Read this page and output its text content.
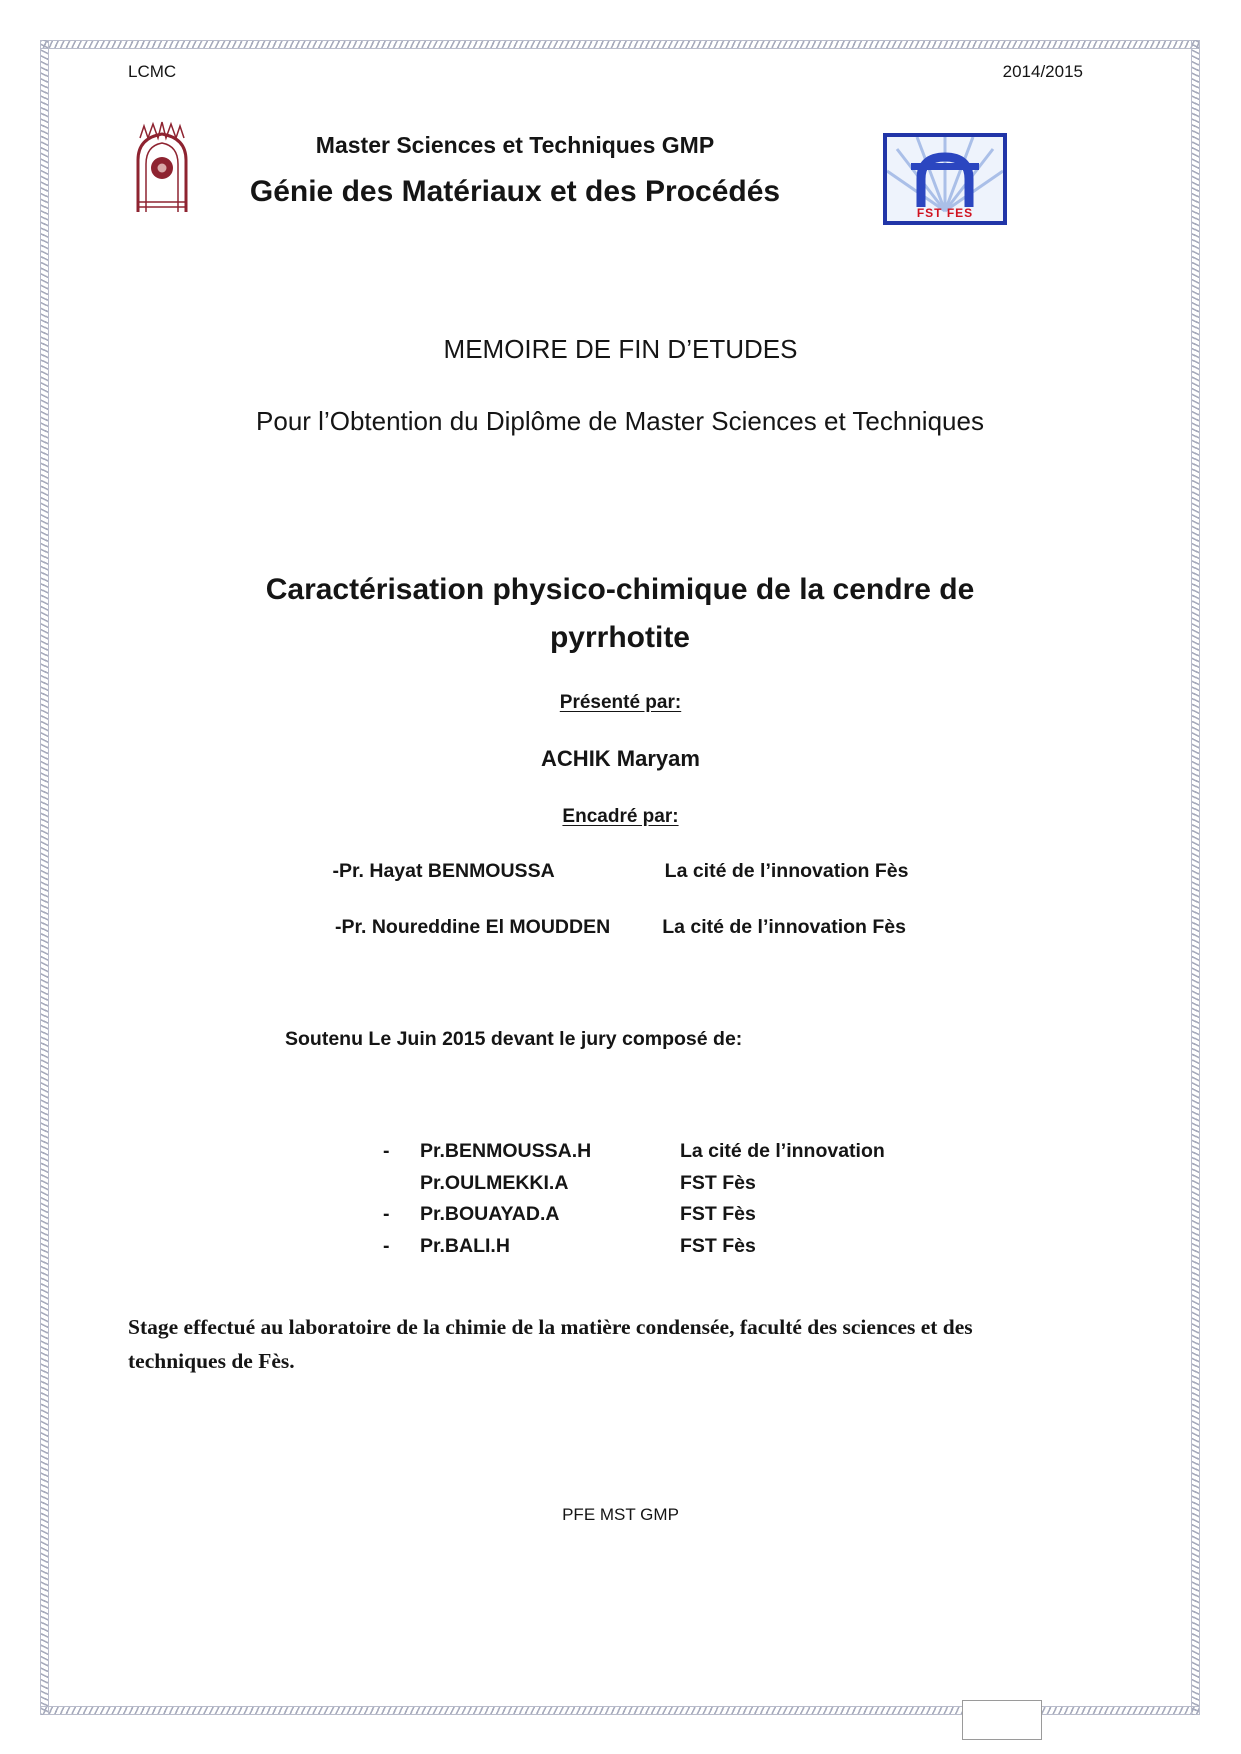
LCMC	2014/2015
Master Sciences et Techniques GMP
Génie des Matériaux et des Procédés
FST FES
MEMOIRE DE FIN D’ETUDES
Pour l’Obtention du Diplôme de Master Sciences et Techniques
Caractérisation physico-chimique de la cendre de pyrrhotite
Présenté par:
ACHIK Maryam
Encadré par:
-Pr. Hayat BENMOUSSA	La cité de l’innovation Fès
-Pr. Noureddine El MOUDDEN	La cité de l’innovation Fès
Soutenu Le Juin 2015 devant le jury composé de:
-	Pr.BENMOUSSA.H	La cité de l’innovation
Pr.OULMEKKI.A	FST Fès
-	Pr.BOUAYAD.A	FST Fès
-	Pr.BALI.H	FST Fès
Stage effectué au laboratoire de la chimie de la matière condensée, faculté des sciences et des techniques de Fès.
PFE MST GMP
